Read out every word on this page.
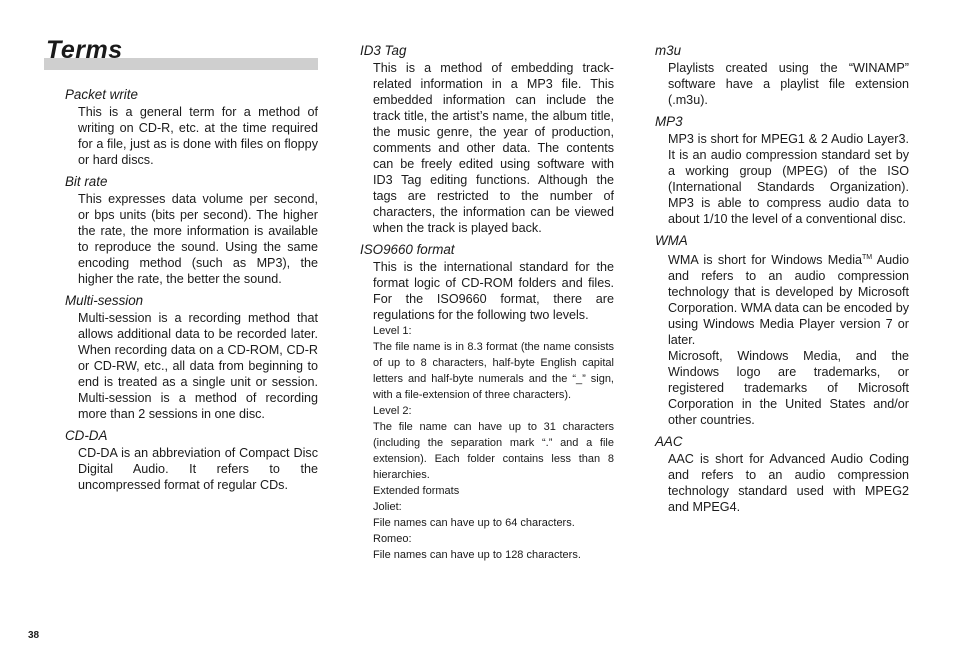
Terms

Packet write

This is a general term for a method of writing on CD-R, etc. at the time required for a file, just as is done with files on floppy or hard discs.

Bit rate

This expresses data volume per second, or bps units (bits per second). The higher the rate, the more information is available to reproduce the sound. Using the same encoding method (such as MP3), the higher the rate, the better the sound.

Multi-session

Multi-session is a recording method that allows additional data to be recorded later. When recording data on a CD-ROM, CD-R or CD-RW, etc., all data from beginning to end is treated as a single unit or session. Multi-session is a method of recording more than 2 sessions in one disc.

CD-DA

CD-DA is an abbreviation of Compact Disc Digital Audio. It refers to the uncompressed format of regular CDs.

ID3 Tag

This is a method of embedding track-related information in a MP3 file. This embedded information can include the track title, the artist’s name, the album title, the music genre, the year of production, comments and other data. The contents can be freely edited using software with ID3 Tag editing functions. Although the tags are restricted to the number of characters, the information can be viewed when the track is played back.

ISO9660 format

This is the international standard for the format logic of CD-ROM folders and files. For the ISO9660 format, there are regulations for the following two levels.

Level 1:

The file name is in 8.3 format (the name consists of up to 8 characters, half-byte English capital letters and half-byte numerals and the “_” sign, with a file-extension of three characters).

Level 2:

The file name can have up to 31 characters (including the separation mark “.” and a file extension). Each folder contains less than 8 hierarchies.

Extended formats

Joliet:

File names can have up to 64 characters.

Romeo:

File names can have up to 128 characters.

m3u

Playlists created using the “WINAMP” software have a playlist file extension (.m3u).

MP3

MP3 is short for MPEG1 & 2 Audio Layer3. It is an audio compression standard set by a working group (MPEG) of the ISO (International Standards Organization). MP3 is able to compress audio data to about 1/10 the level of a conventional disc.

WMA

WMA is short for Windows Media™ Audio and refers to an audio compression technology that is developed by Microsoft Corporation. WMA data can be encoded by using Windows Media Player version 7 or later.

Microsoft, Windows Media, and the Windows logo are trademarks, or registered trademarks of Microsoft Corporation in the United States and/or other countries.

AAC

AAC is short for Advanced Audio Coding and refers to an audio compression technology standard used with MPEG2 and MPEG4.

38
